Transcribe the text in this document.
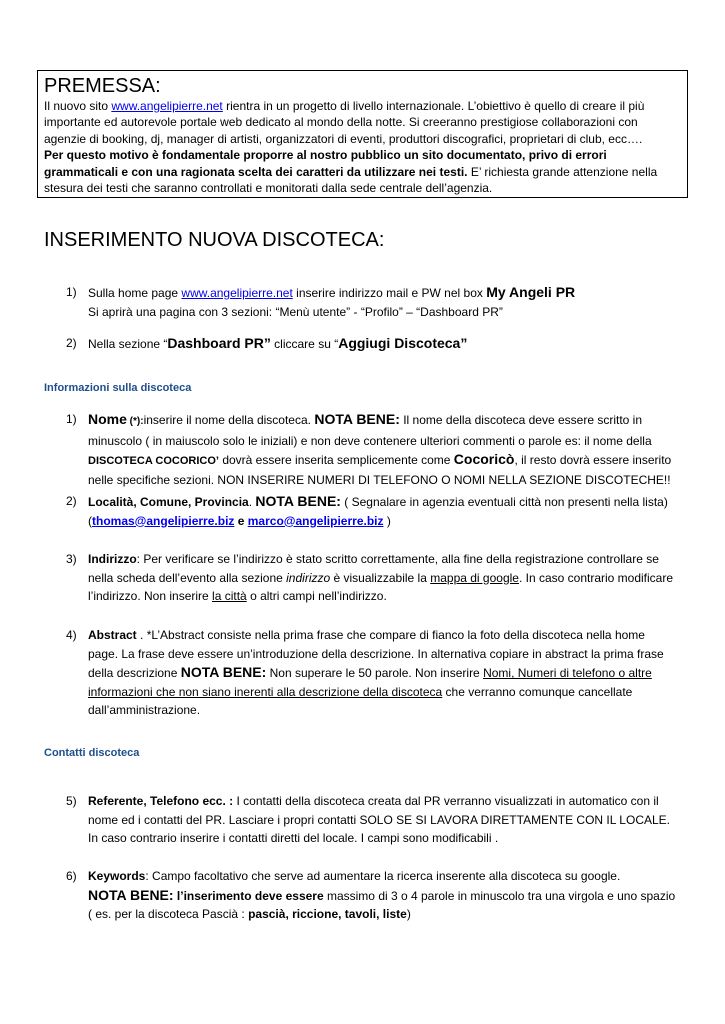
PREMESSA:

Il nuovo sito www.angelipierre.net rientra in un progetto di livello internazionale. L’obiettivo è quello di creare il più importante ed autorevole portale web dedicato al mondo della notte. Si creeranno prestigiose collaborazioni con agenzie di booking, dj, manager di artisti, organizzatori di eventi, produttori discografici, proprietari di club, ecc….
Per questo motivo è fondamentale proporre al nostro pubblico un sito documentato, privo di errori grammaticali e con una ragionata scelta dei caratteri da utilizzare nei testi. E’ richiesta grande attenzione nella stesura dei testi che saranno controllati e monitorati dalla sede centrale dell’agenzia.

INSERIMENTO NUOVA DISCOTECA:
1) Sulla home page www.angelipierre.net inserire indirizzo mail e PW nel box My Angeli PR
Si aprirà una pagina con 3 sezioni: “Menù utente” - “Profilo” – “Dashboard PR”
2) Nella sezione “Dashboard PR” cliccare su “Aggiugi Discoteca”
Informazioni sulla discoteca
1) Nome (*):inserire il nome della discoteca. NOTA BENE: Il nome della discoteca deve essere scritto in minuscolo ( in maiuscolo solo le iniziali) e non deve contenere ulteriori commenti o parole es: il nome della DISCOTECA COCORICO’ dovrà essere inserita semplicemente come Cocoricò, il resto dovrà essere inserito nelle specifiche sezioni. NON INSERIRE NUMERI DI TELEFONO O NOMI NELLA SEZIONE DISCOTECHE!!
2) Località, Comune, Provincia. NOTA BENE: ( Segnalare in agenzia eventuali città non presenti nella lista) (thomas@angelipierre.biz e marco@angelipierre.biz )
3) Indirizzo: Per verificare se l’indirizzo è stato scritto correttamente, alla fine della registrazione controllare se nella scheda dell’evento alla sezione indirizzo è visualizzabile la mappa di google. In caso contrario modificare l’indirizzo. Non inserire la città o altri campi nell’indirizzo.
4) Abstract . *L’Abstract consiste nella prima frase che compare di fianco la foto della discoteca nella home page. La frase deve essere un’introduzione della descrizione. In alternativa copiare in abstract la prima frase della descrizione NOTA BENE: Non superare le 50 parole. Non inserire Nomi, Numeri di telefono o altre informazioni che non siano inerenti alla descrizione della discoteca che verranno comunque cancellate dall’amministrazione.
Contatti discoteca
5) Referente, Telefono ecc. : I contatti della discoteca creata dal PR verranno visualizzati in automatico con il nome ed i contatti del PR. Lasciare i propri contatti SOLO SE SI LAVORA DIRETTAMENTE CON IL LOCALE. In caso contrario inserire i contatti diretti del locale. I campi sono modificabili .
6) Keywords: Campo facoltativo che serve ad aumentare la ricerca inserente alla discoteca su google.
NOTA BENE: l’inserimento deve essere massimo di 3 o 4 parole in minuscolo tra una virgola e uno spazio ( es. per la discoteca Pascià : pascià, riccione, tavoli, liste)
